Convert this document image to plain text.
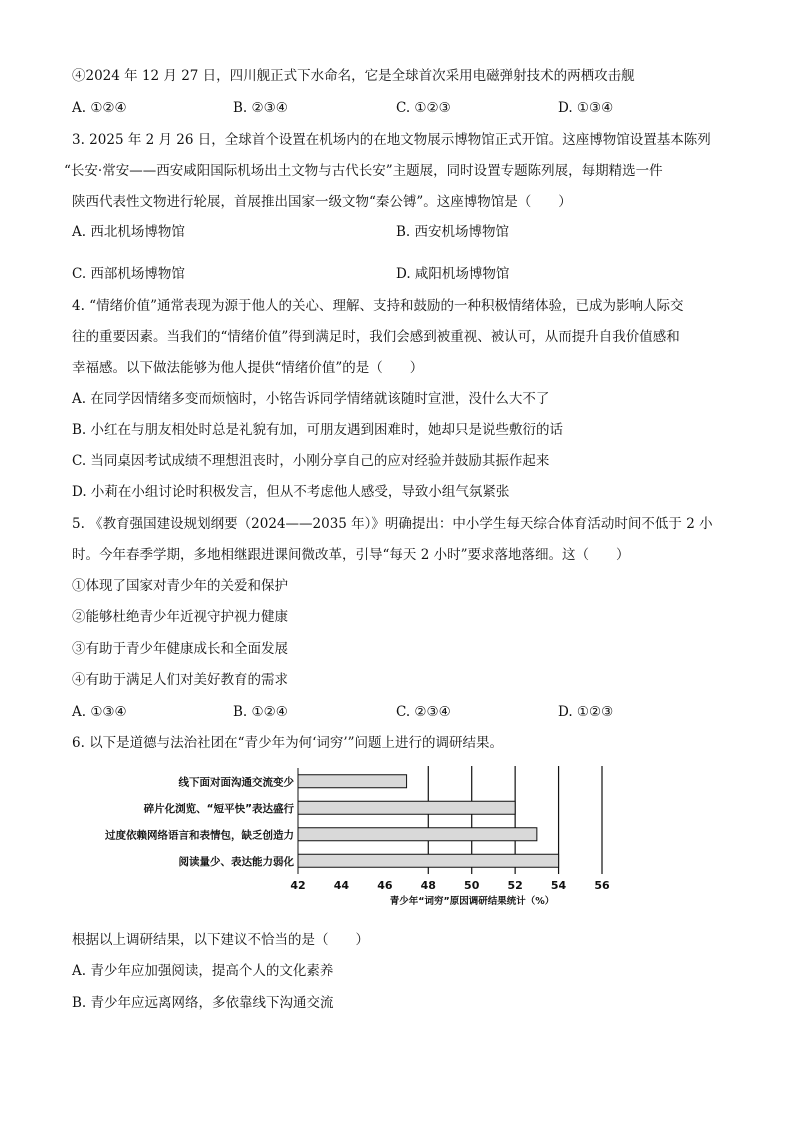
④2024 年 12 月 27 日，四川舰正式下水命名，它是全球首次采用电磁弹射技术的两栖攻击舰
A. ①②④	B. ②③④	C. ①②③	D. ①③④
3. 2025 年 2 月 26 日，全球首个设置在机场内的在地文物展示博物馆正式开馆。这座博物馆设置基本陈列
“长安·常安——西安咸阳国际机场出土文物与古代长安”主题展，同时设置专题陈列展，每期精选一件
陕西代表性文物进行轮展，首展推出国家一级文物“秦公镈”。这座博物馆是（　　）
A. 西北机场博物馆	B. 西安机场博物馆
C. 西部机场博物馆	D. 咸阳机场博物馆
4. “情绪价值”通常表现为源于他人的关心、理解、支持和鼓励的一种积极情绪体验，已成为影响人际交
往的重要因素。当我们的“情绪价值”得到满足时，我们会感到被重视、被认可，从而提升自我价值感和
幸福感。以下做法能够为他人提供“情绪价值”的是（　　）
A. 在同学因情绪多变而烦恼时，小铭告诉同学情绪就该随时宣泄，没什么大不了
B. 小红在与朋友相处时总是礼貌有加，可朋友遇到困难时，她却只是说些敷衍的话
C. 当同桌因考试成绩不理想沮丧时，小刚分享自己的应对经验并鼓励其振作起来
D. 小莉在小组讨论时积极发言，但从不考虑他人感受，导致小组气氛紧张
5. 《教育强国建设规划纲要（2024——2035 年）》明确提出：中小学生每天综合体育活动时间不低于 2 小
时。今年春季学期，多地相继跟进课间微改革，引导“每天 2 小时”要求落地落细。这（　　）
①体现了国家对青少年的关爱和保护
②能够杜绝青少年近视守护视力健康
③有助于青少年健康成长和全面发展
④有助于满足人们对美好教育的需求
A. ①③④	B. ①②④	C. ②③④	D. ①②③
6. 以下是道德与法治社团在“青少年为何‘词穷’”问题上进行的调研结果。
线下面对面沟通交流变少
碎片化浏览、“短平快”表达盛行
过度依赖网络语言和表情包，缺乏创造力
阅读量少、表达能力弱化
42	44	46	48	50	52	54	56
青少年“词穷”原因调研结果统计（%）
根据以上调研结果，以下建议不恰当的是（　　）
A. 青少年应加强阅读，提高个人的文化素养
B. 青少年应远离网络，多依靠线下沟通交流
